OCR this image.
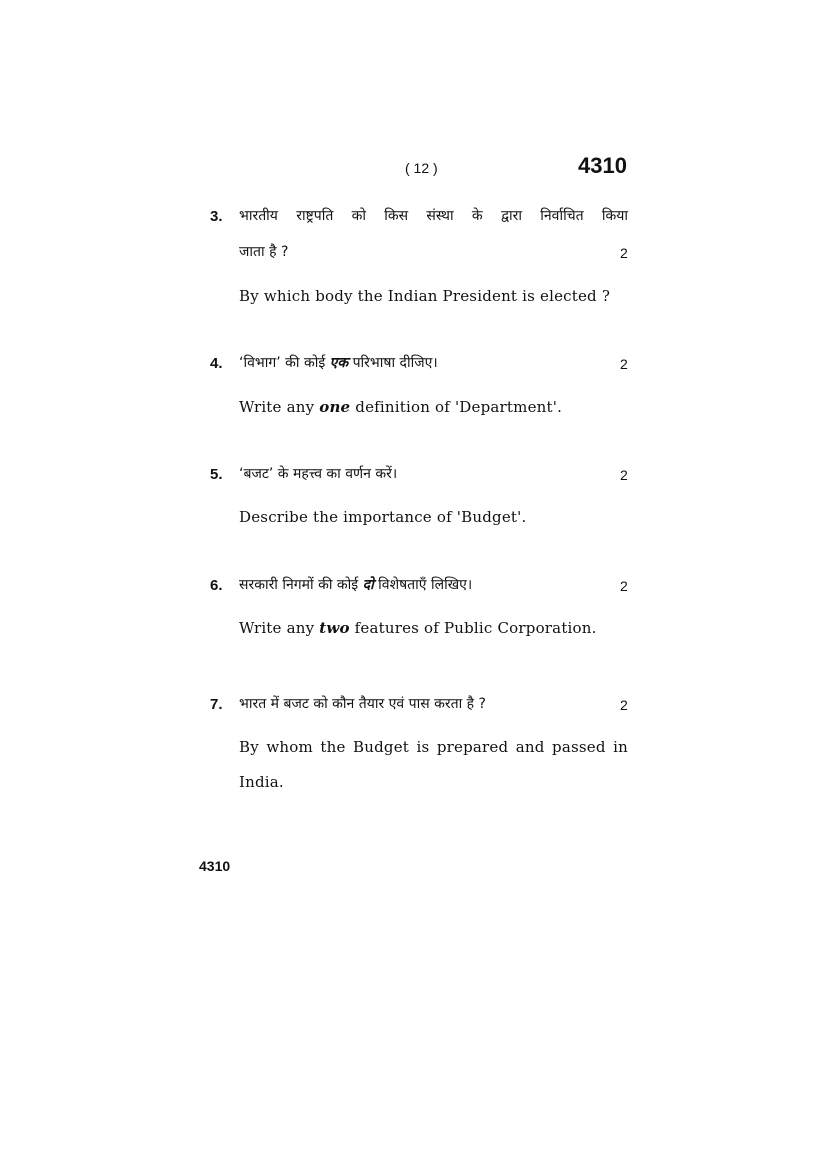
( 12 )	4310
3. भारतीय राष्ट्रपति को किस संस्था के द्वारा निर्वाचित किया
जाता है ?	2
By which body the Indian President is elected ?
4. ‘विभाग’ की कोई एक परिभाषा दीजिए।	2
Write any one definition of 'Department'.
5. ‘बजट’ के महत्त्व का वर्णन करें।	2
Describe the importance of 'Budget'.
6. सरकारी निगमों की कोई दो विशेषताएँ लिखिए।	2
Write any two features of Public Corporation.
7. भारत में बजट को कौन तैयार एवं पास करता है ?	2
By whom the Budget is prepared and passed in
India.
4310
